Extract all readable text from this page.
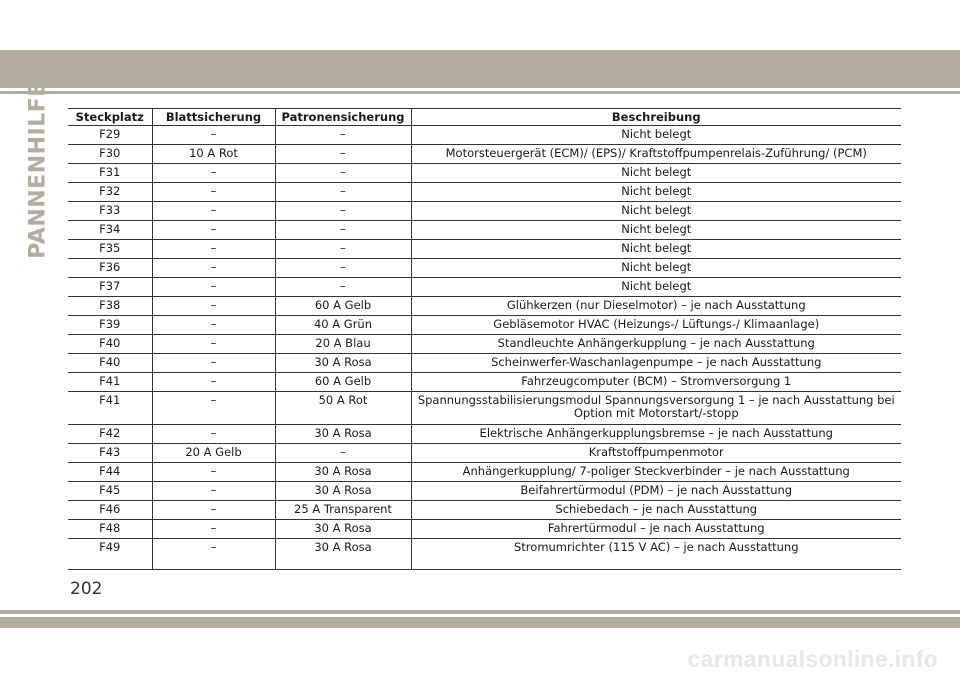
PANNENHILFE Steckplatz	Blattsicherung	Patronensicherung	Beschreibung
F29	–	–	Nicht belegt
F30	10 A Rot	–	Motorsteuergerät (ECM)/ (EPS)/ Kraftstoffpumpenrelais-Zuführung/ (PCM)
F31	–	–	Nicht belegt
F32	–	–	Nicht belegt
F33	–	–	Nicht belegt
F34	–	–	Nicht belegt
F35	–	–	Nicht belegt
F36	–	–	Nicht belegt
F37	–	–	Nicht belegt
F38	–	60 A Gelb	Glühkerzen (nur Dieselmotor) – je nach Ausstattung
F39	–	40 A Grün	Gebläsemotor HVAC (Heizungs-/ Lüftungs-/ Klimaanlage)
F40	–	20 A Blau	Standleuchte Anhängerkupplung – je nach Ausstattung
F40	–	30 A Rosa	Scheinwerfer-Waschanlagenpumpe – je nach Ausstattung
F41	–	60 A Gelb	Fahrzeugcomputer (BCM) – Stromversorgung 1
F41	–	50 A Rot	Spannungsstabilisierungsmodul Spannungsversorgung 1 – je nach Ausstattung bei Option mit Motorstart/-stopp
F42	–	30 A Rosa	Elektrische Anhängerkupplungsbremse – je nach Ausstattung
F43	20 A Gelb	–	Kraftstoffpumpenmotor
F44	–	30 A Rosa	Anhängerkupplung/ 7-poliger Steckverbinder – je nach Ausstattung
F45	–	30 A Rosa	Beifahrertürmodul (PDM) – je nach Ausstattung
F46	–	25 A Transparent	Schiebedach – je nach Ausstattung
F48	–	30 A Rosa	Fahrertürmodul – je nach Ausstattung
F49	–	30 A Rosa	Stromumrichter (115 V AC) – je nach Ausstattung
202
carmanualsonline.info
